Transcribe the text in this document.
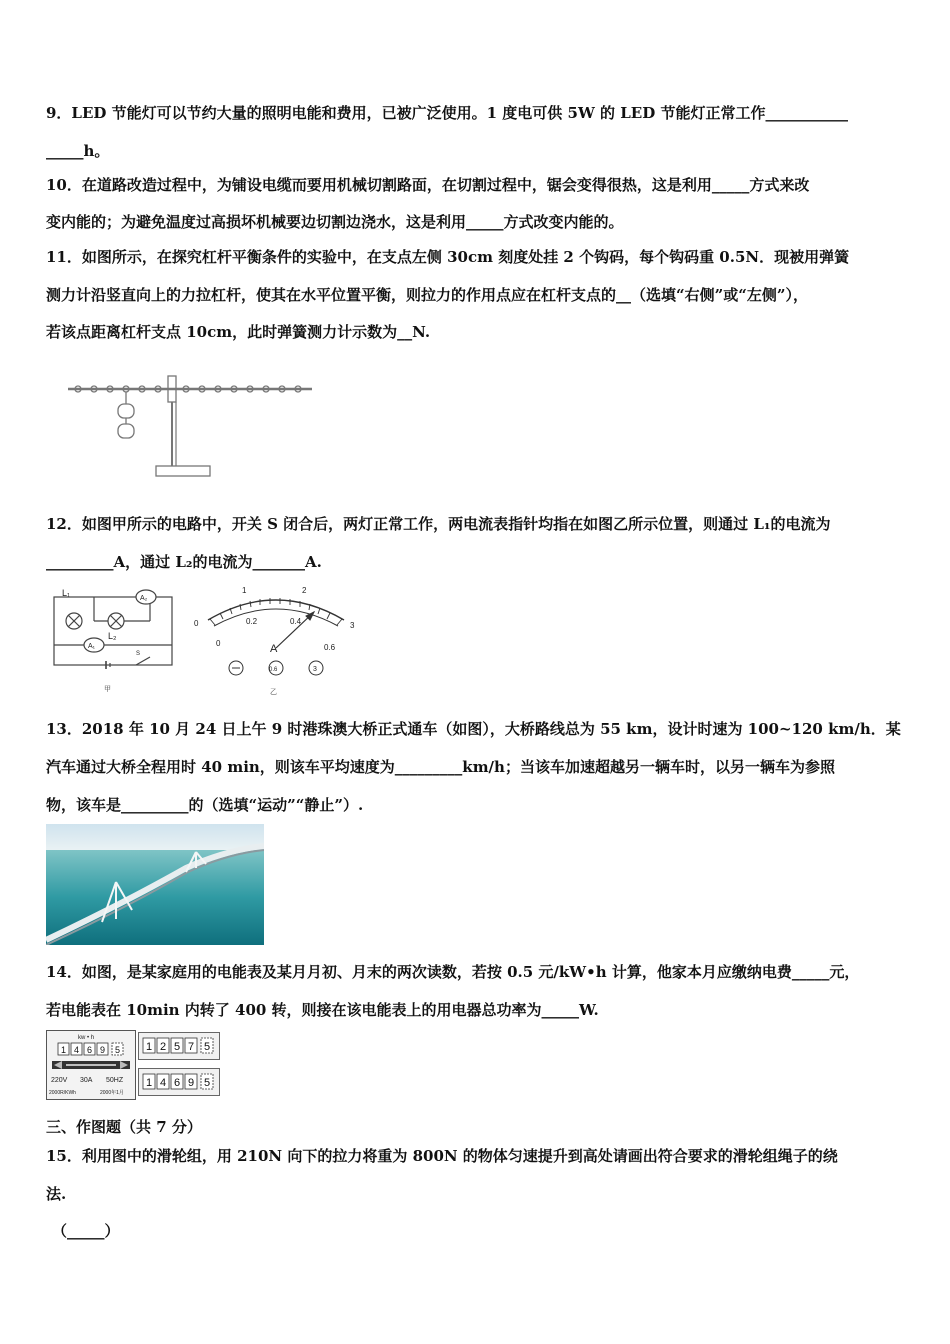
9．LED 节能灯可以节约大量的照明电能和费用，已被广泛使用。1 度电可供 5W 的 LED 节能灯正常工作___________
_____h。
10．在道路改造过程中，为铺设电缆而要用机械切割路面，在切割过程中，锯会变得很热，这是利用_____方式来改
变内能的；为避免温度过高损坏机械要边切割边浇水，这是利用_____方式改变内能的。
11．如图所示，在探究杠杆平衡条件的实验中，在支点左侧 30cm 刻度处挂 2 个钩码，每个钩码重 0.5N．现被用弹簧
测力计沿竖直向上的力拉杠杆，使其在水平位置平衡，则拉力的作用点应在杠杆支点的__（选填“右侧”或“左侧”），
若该点距离杠杆支点 10cm，此时弹簧测力计示数为__N.
12．如图甲所示的电路中，开关 S 闭合后，两灯正常工作，两电流表指针均指在如图乙所示位置，则通过 L₁的电流为
_________A，通过 L₂的电流为_______A.
L₁
L₂
A₂
A₁
S
甲
1	2
0	3
0.2	0.4
0	0.6
A
0.6	3
乙
13．2018 年 10 月 24 日上午 9 时港珠澳大桥正式通车（如图），大桥路线总为 55 km，设计时速为 100~120 km/h．某
汽车通过大桥全程用时 40 min，则该车平均速度为_________km/h；当该车加速超越另一辆车时，以另一辆车为参照
物，该车是_________的（选填“运动”“静止”）.
14．如图，是某家庭用的电能表及某月月初、月末的两次读数，若按 0.5 元/kW•h 计算，他家本月应缴纳电费_____元，
若电能表在 10min 内转了 400 转，则接在该电能表上的用电器总功率为_____W.
kw • h
1 4 6 9 5
220V 30A 50HZ
2000R/KWh	2000年1月
1 2 5 7 5
1 4 6 9 5
三、作图题（共 7 分）
15．利用图中的滑轮组，用 210N 向下的拉力将重为 800N 的物体匀速提升到高处请画出符合要求的滑轮组绳子的绕
法.
（_____）
